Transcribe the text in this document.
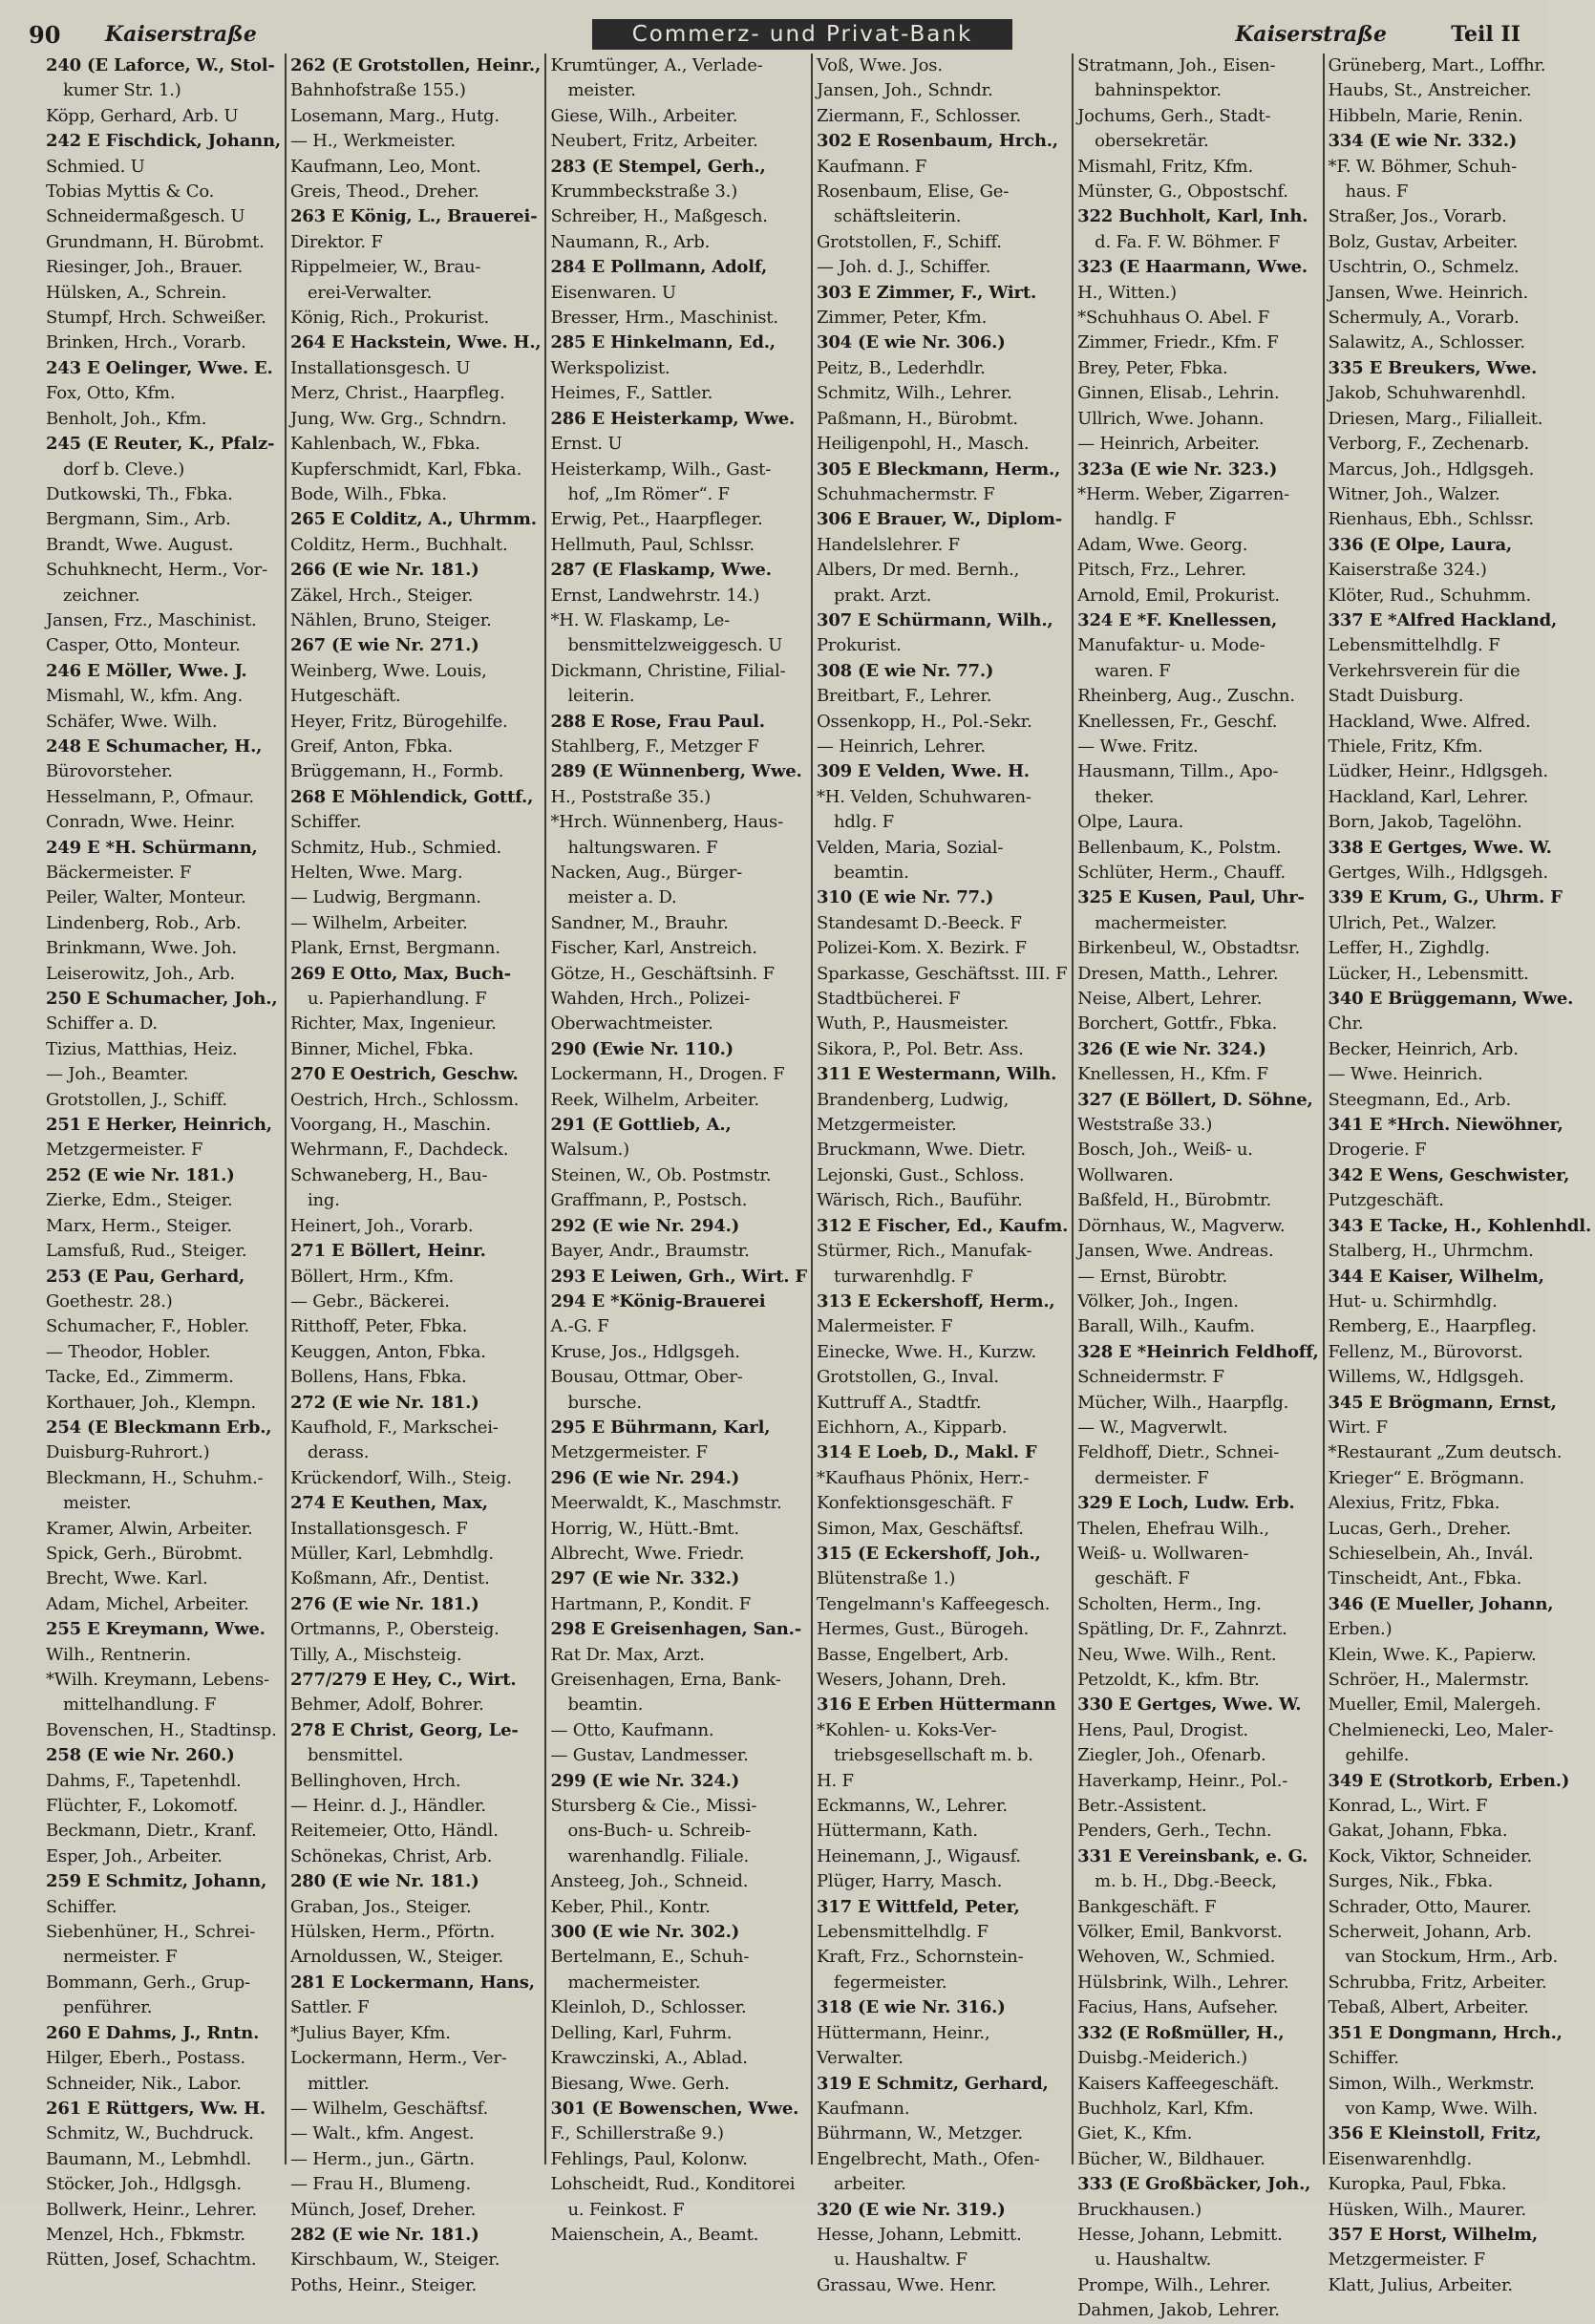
90	Kaiserstraße	Commerz- und Privat-Bank	Kaiserstraße	Teil II
240 (E Laforce, W., Stol-
kumer Str. 1.)
Köpp, Gerhard, Arb. U
242 E Fischdick, Johann,
Schmied. U
Tobias Myttis & Co.
Schneidermaßgesch. U
Grundmann, H. Bürobmt.
Riesinger, Joh., Brauer.
Hülsken, A., Schrein.
Stumpf, Hrch. Schweißer.
Brinken, Hrch., Vorarb.
243 E Oelinger, Wwe. E.
Fox, Otto, Kfm.
Benholt, Joh., Kfm.
245 (E Reuter, K., Pfalz-
dorf b. Cleve.)
Dutkowski, Th., Fbka.
Bergmann, Sim., Arb.
Brandt, Wwe. August.
Schuhknecht, Herm., Vor-
zeichner.
Jansen, Frz., Maschinist.
Casper, Otto, Monteur.
246 E Möller, Wwe. J.
Mismahl, W., kfm. Ang.
Schäfer, Wwe. Wilh.
248 E Schumacher, H.,
Bürovorsteher.
Hesselmann, P., Ofmaur.
Conradn, Wwe. Heinr.
249 E *H. Schürmann,
Bäckermeister. F
Peiler, Walter, Monteur.
Lindenberg, Rob., Arb.
Brinkmann, Wwe. Joh.
Leiserowitz, Joh., Arb.
250 E Schumacher, Joh.,
Schiffer a. D.
Tizius, Matthias, Heiz.
— Joh., Beamter.
Grotstollen, J., Schiff.
251 E Herker, Heinrich,
Metzgermeister. F
252 (E wie Nr. 181.)
Zierke, Edm., Steiger.
Marx, Herm., Steiger.
Lamsfuß, Rud., Steiger.
253 (E Pau, Gerhard,
Goethestr. 28.)
Schumacher, F., Hobler.
— Theodor, Hobler.
Tacke, Ed., Zimmerm.
Korthauer, Joh., Klempn.
254 (E Bleckmann Erb.,
Duisburg-Ruhrort.)
Bleckmann, H., Schuhm.-
meister.
Kramer, Alwin, Arbeiter.
Spick, Gerh., Bürobmt.
Brecht, Wwe. Karl.
Adam, Michel, Arbeiter.
255 E Kreymann, Wwe.
Wilh., Rentnerin.
*Wilh. Kreymann, Lebens-
mittelhandlung. F
Bovenschen, H., Stadtinsp.
258 (E wie Nr. 260.)
Dahms, F., Tapetenhdl.
Flüchter, F., Lokomotf.
Beckmann, Dietr., Kranf.
Esper, Joh., Arbeiter.
259 E Schmitz, Johann,
Schiffer.
Siebenhüner, H., Schrei-
nermeister. F
Bommann, Gerh., Grup-
penführer.
260 E Dahms, J., Rntn.
Hilger, Eberh., Postass.
Schneider, Nik., Labor.
261 E Rüttgers, Ww. H.
Schmitz, W., Buchdruck.
Baumann, M., Lebmhdl.
Stöcker, Joh., Hdlgsgh.
Bollwerk, Heinr., Lehrer.
Menzel, Hch., Fbkmstr.
Rütten, Josef, Schachtm.
262 (E Grotstollen, Heinr.,
Bahnhofstraße 155.)
Losemann, Marg., Hutg.
— H., Werkmeister.
Kaufmann, Leo, Mont.
Greis, Theod., Dreher.
263 E König, L., Brauerei-
Direktor. F
Rippelmeier, W., Brau-
erei-Verwalter.
König, Rich., Prokurist.
264 E Hackstein, Wwe. H.,
Installationsgesch. U
Merz, Christ., Haarpfleg.
Jung, Ww. Grg., Schndrn.
Kahlenbach, W., Fbka.
Kupferschmidt, Karl, Fbka.
Bode, Wilh., Fbka.
265 E Colditz, A., Uhrmm.
Colditz, Herm., Buchhalt.
266 (E wie Nr. 181.)
Zäkel, Hrch., Steiger.
Nählen, Bruno, Steiger.
267 (E wie Nr. 271.)
Weinberg, Wwe. Louis,
Hutgeschäft.
Heyer, Fritz, Bürogehilfe.
Greif, Anton, Fbka.
Brüggemann, H., Formb.
268 E Möhlendick, Gottf.,
Schiffer.
Schmitz, Hub., Schmied.
Helten, Wwe. Marg.
— Ludwig, Bergmann.
— Wilhelm, Arbeiter.
Plank, Ernst, Bergmann.
269 E Otto, Max, Buch-
u. Papierhandlung. F
Richter, Max, Ingenieur.
Binner, Michel, Fbka.
270 E Oestrich, Geschw.
Oestrich, Hrch., Schlossm.
Voorgang, H., Maschin.
Wehrmann, F., Dachdeck.
Schwaneberg, H., Bau-
ing.
Heinert, Joh., Vorarb.
271 E Böllert, Heinr.
Böllert, Hrm., Kfm.
— Gebr., Bäckerei.
Ritthoff, Peter, Fbka.
Keuggen, Anton, Fbka.
Bollens, Hans, Fbka.
272 (E wie Nr. 181.)
Kaufhold, F., Markschei-
derass.
Krückendorf, Wilh., Steig.
274 E Keuthen, Max,
Installationsgesch. F
Müller, Karl, Lebmhdlg.
Koßmann, Afr., Dentist.
276 (E wie Nr. 181.)
Ortmanns, P., Obersteig.
Tilly, A., Mischsteig.
277/279 E Hey, C., Wirt.
Behmer, Adolf, Bohrer.
278 E Christ, Georg, Le-
bensmittel.
Bellinghoven, Hrch.
— Heinr. d. J., Händler.
Reitemeier, Otto, Händl.
Schönekas, Christ, Arb.
280 (E wie Nr. 181.)
Graban, Jos., Steiger.
Hülsken, Herm., Pförtn.
Arnoldussen, W., Steiger.
281 E Lockermann, Hans,
Sattler. F
*Julius Bayer, Kfm.
Lockermann, Herm., Ver-
mittler.
— Wilhelm, Geschäftsf.
— Walt., kfm. Angest.
— Herm., jun., Gärtn.
— Frau H., Blumeng.
Münch, Josef, Dreher.
282 (E wie Nr. 181.)
Kirschbaum, W., Steiger.
Poths, Heinr., Steiger.
Krumtünger, A., Verlade-
meister.
Giese, Wilh., Arbeiter.
Neubert, Fritz, Arbeiter.
283 (E Stempel, Gerh.,
Krummbeckstraße 3.)
Schreiber, H., Maßgesch.
Naumann, R., Arb.
284 E Pollmann, Adolf,
Eisenwaren. U
Bresser, Hrm., Maschinist.
285 E Hinkelmann, Ed.,
Werkspolizist.
Heimes, F., Sattler.
286 E Heisterkamp, Wwe.
Ernst. U
Heisterkamp, Wilh., Gast-
hof, „Im Römer“. F
Erwig, Pet., Haarpfleger.
Hellmuth, Paul, Schlssr.
287 (E Flaskamp, Wwe.
Ernst, Landwehrstr. 14.)
*H. W. Flaskamp, Le-
bensmittelzweiggesch. U
Dickmann, Christine, Filial-
leiterin.
288 E Rose, Frau Paul.
Stahlberg, F., Metzger F
289 (E Wünnenberg, Wwe.
H., Poststraße 35.)
*Hrch. Wünnenberg, Haus-
haltungswaren. F
Nacken, Aug., Bürger-
meister a. D.
Sandner, M., Brauhr.
Fischer, Karl, Anstreich.
Götze, H., Geschäftsinh. F
Wahden, Hrch., Polizei-
Oberwachtmeister.
290 (Ewie Nr. 110.)
Lockermann, H., Drogen. F
Reek, Wilhelm, Arbeiter.
291 (E Gottlieb, A.,
Walsum.)
Steinen, W., Ob. Postmstr.
Graffmann, P., Postsch.
292 (E wie Nr. 294.)
Bayer, Andr., Braumstr.
293 E Leiwen, Grh., Wirt. F
294 E *König-Brauerei
A.-G. F
Kruse, Jos., Hdlgsgeh.
Bousau, Ottmar, Ober-
bursche.
295 E Bührmann, Karl,
Metzgermeister. F
296 (E wie Nr. 294.)
Meerwaldt, K., Maschmstr.
Horrig, W., Hütt.-Bmt.
Albrecht, Wwe. Friedr.
297 (E wie Nr. 332.)
Hartmann, P., Kondit. F
298 E Greisenhagen, San.-
Rat Dr. Max, Arzt.
Greisenhagen, Erna, Bank-
beamtin.
— Otto, Kaufmann.
— Gustav, Landmesser.
299 (E wie Nr. 324.)
Stursberg & Cie., Missi-
ons-Buch- u. Schreib-
warenhandlg. Filiale.
Ansteeg, Joh., Schneid.
Keber, Phil., Kontr.
300 (E wie Nr. 302.)
Bertelmann, E., Schuh-
machermeister.
Kleinloh, D., Schlosser.
Delling, Karl, Fuhrm.
Krawczinski, A., Ablad.
Biesang, Wwe. Gerh.
301 (E Bowenschen, Wwe.
F., Schillerstraße 9.)
Fehlings, Paul, Kolonw.
Lohscheidt, Rud., Konditorei
u. Feinkost. F
Maienschein, A., Beamt.
Voß, Wwe. Jos.
Jansen, Joh., Schndr.
Ziermann, F., Schlosser.
302 E Rosenbaum, Hrch.,
Kaufmann. F
Rosenbaum, Elise, Ge-
schäftsleiterin.
Grotstollen, F., Schiff.
— Joh. d. J., Schiffer.
303 E Zimmer, F., Wirt.
Zimmer, Peter, Kfm.
304 (E wie Nr. 306.)
Peitz, B., Lederhdlr.
Schmitz, Wilh., Lehrer.
Paßmann, H., Bürobmt.
Heiligenpohl, H., Masch.
305 E Bleckmann, Herm.,
Schuhmachermstr. F
306 E Brauer, W., Diplom-
Handelslehrer. F
Albers, Dr med. Bernh.,
prakt. Arzt.
307 E Schürmann, Wilh.,
Prokurist.
308 (E wie Nr. 77.)
Breitbart, F., Lehrer.
Ossenkopp, H., Pol.-Sekr.
— Heinrich, Lehrer.
309 E Velden, Wwe. H.
*H. Velden, Schuhwaren-
hdlg. F
Velden, Maria, Sozial-
beamtin.
310 (E wie Nr. 77.)
Standesamt D.-Beeck. F
Polizei-Kom. X. Bezirk. F
Sparkasse, Geschäftsst. III. F
Stadtbücherei. F
Wuth, P., Hausmeister.
Sikora, P., Pol. Betr. Ass.
311 E Westermann, Wilh.
Brandenberg, Ludwig,
Metzgermeister.
Bruckmann, Wwe. Dietr.
Lejonski, Gust., Schloss.
Wärisch, Rich., Bauführ.
312 E Fischer, Ed., Kaufm.
Stürmer, Rich., Manufak-
turwarenhdlg. F
313 E Eckershoff, Herm.,
Malermeister. F
Einecke, Wwe. H., Kurzw.
Grotstollen, G., Inval.
Kuttruff A., Stadtfr.
Eichhorn, A., Kipparb.
314 E Loeb, D., Makl. F
*Kaufhaus Phönix, Herr.-
Konfektionsgeschäft. F
Simon, Max, Geschäftsf.
315 (E Eckershoff, Joh.,
Blütenstraße 1.)
Tengelmann's Kaffeegesch.
Hermes, Gust., Bürogeh.
Basse, Engelbert, Arb.
Wesers, Johann, Dreh.
316 E Erben Hüttermann
*Kohlen- u. Koks-Ver-
triebsgesellschaft m. b.
H. F
Eckmanns, W., Lehrer.
Hüttermann, Kath.
Heinemann, J., Wigausf.
Plüger, Harry, Masch.
317 E Wittfeld, Peter,
Lebensmittelhdlg. F
Kraft, Frz., Schornstein-
fegermeister.
318 (E wie Nr. 316.)
Hüttermann, Heinr.,
Verwalter.
319 E Schmitz, Gerhard,
Kaufmann.
Bührmann, W., Metzger.
Engelbrecht, Math., Ofen-
arbeiter.
320 (E wie Nr. 319.)
Hesse, Johann, Lebmitt.
u. Haushaltw. F
Grassau, Wwe. Henr.
Stratmann, Joh., Eisen-
bahninspektor.
Jochums, Gerh., Stadt-
obersekretär.
Mismahl, Fritz, Kfm.
Münster, G., Obpostschf.
322 Buchholt, Karl, Inh.
d. Fa. F. W. Böhmer. F
323 (E Haarmann, Wwe.
H., Witten.)
*Schuhhaus O. Abel. F
Zimmer, Friedr., Kfm. F
Brey, Peter, Fbka.
Ginnen, Elisab., Lehrin.
Ullrich, Wwe. Johann.
— Heinrich, Arbeiter.
323a (E wie Nr. 323.)
*Herm. Weber, Zigarren-
handlg. F
Adam, Wwe. Georg.
Pitsch, Frz., Lehrer.
Arnold, Emil, Prokurist.
324 E *F. Knellessen,
Manufaktur- u. Mode-
waren. F
Rheinberg, Aug., Zuschn.
Knellessen, Fr., Geschf.
— Wwe. Fritz.
Hausmann, Tillm., Apo-
theker.
Olpe, Laura.
Bellenbaum, K., Polstm.
Schlüter, Herm., Chauff.
325 E Kusen, Paul, Uhr-
machermeister.
Birkenbeul, W., Obstadtsr.
Dresen, Matth., Lehrer.
Neise, Albert, Lehrer.
Borchert, Gottfr., Fbka.
326 (E wie Nr. 324.)
Knellessen, H., Kfm. F
327 (E Böllert, D. Söhne,
Weststraße 33.)
Bosch, Joh., Weiß- u.
Wollwaren.
Baßfeld, H., Bürobmtr.
Dörnhaus, W., Magverw.
Jansen, Wwe. Andreas.
— Ernst, Bürobtr.
Völker, Joh., Ingen.
Barall, Wilh., Kaufm.
328 E *Heinrich Feldhoff,
Schneidermstr. F
Mücher, Wilh., Haarpflg.
— W., Magverwlt.
Feldhoff, Dietr., Schnei-
dermeister. F
329 E Loch, Ludw. Erb.
Thelen, Ehefrau Wilh.,
Weiß- u. Wollwaren-
geschäft. F
Scholten, Herm., Ing.
Spätling, Dr. F., Zahnrzt.
Neu, Wwe. Wilh., Rent.
Petzoldt, K., kfm. Btr.
330 E Gertges, Wwe. W.
Hens, Paul, Drogist.
Ziegler, Joh., Ofenarb.
Haverkamp, Heinr., Pol.-
Betr.-Assistent.
Penders, Gerh., Techn.
331 E Vereinsbank, e. G.
m. b. H., Dbg.-Beeck,
Bankgeschäft. F
Völker, Emil, Bankvorst.
Wehoven, W., Schmied.
Hülsbrink, Wilh., Lehrer.
Facius, Hans, Aufseher.
332 (E Roßmüller, H.,
Duisbg.-Meiderich.)
Kaisers Kaffeegeschäft.
Buchholz, Karl, Kfm.
Giet, K., Kfm.
Bücher, W., Bildhauer.
333 (E Großbäcker, Joh.,
Bruckhausen.)
Hesse, Johann, Lebmitt.
u. Haushaltw.
Prompe, Wilh., Lehrer.
Dahmen, Jakob, Lehrer.
Grüneberg, Mart., Loffhr.
Haubs, St., Anstreicher.
Hibbeln, Marie, Renin.
334 (E wie Nr. 332.)
*F. W. Böhmer, Schuh-
haus. F
Straßer, Jos., Vorarb.
Bolz, Gustav, Arbeiter.
Uschtrin, O., Schmelz.
Jansen, Wwe. Heinrich.
Schermuly, A., Vorarb.
Salawitz, A., Schlosser.
335 E Breukers, Wwe.
Jakob, Schuhwarenhdl.
Driesen, Marg., Filialleit.
Verborg, F., Zechenarb.
Marcus, Joh., Hdlgsgeh.
Witner, Joh., Walzer.
Rienhaus, Ebh., Schlssr.
336 (E Olpe, Laura,
Kaiserstraße 324.)
Klöter, Rud., Schuhmm.
337 E *Alfred Hackland,
Lebensmittelhdlg. F
Verkehrsverein für die
Stadt Duisburg.
Hackland, Wwe. Alfred.
Thiele, Fritz, Kfm.
Lüdker, Heinr., Hdlgsgeh.
Hackland, Karl, Lehrer.
Born, Jakob, Tagelöhn.
338 E Gertges, Wwe. W.
Gertges, Wilh., Hdlgsgeh.
339 E Krum, G., Uhrm. F
Ulrich, Pet., Walzer.
Leffer, H., Zighdlg.
Lücker, H., Lebensmitt.
340 E Brüggemann, Wwe.
Chr.
Becker, Heinrich, Arb.
— Wwe. Heinrich.
Steegmann, Ed., Arb.
341 E *Hrch. Niewöhner,
Drogerie. F
342 E Wens, Geschwister,
Putzgeschäft.
343 E Tacke, H., Kohlenhdl.
Stalberg, H., Uhrmchm.
344 E Kaiser, Wilhelm,
Hut- u. Schirmhdlg.
Remberg, E., Haarpfleg.
Fellenz, M., Bürovorst.
Willems, W., Hdlgsgeh.
345 E Brögmann, Ernst,
Wirt. F
*Restaurant „Zum deutsch.
Krieger“ E. Brögmann.
Alexius, Fritz, Fbka.
Lucas, Gerh., Dreher.
Schieselbein, Ah., Invál.
Tinscheidt, Ant., Fbka.
346 (E Mueller, Johann,
Erben.)
Klein, Wwe. K., Papierw.
Schröer, H., Malermstr.
Mueller, Emil, Malergeh.
Chelmienecki, Leo, Maler-
gehilfe.
349 E (Strotkorb, Erben.)
Konrad, L., Wirt. F
Gakat, Johann, Fbka.
Kock, Viktor, Schneider.
Surges, Nik., Fbka.
Schrader, Otto, Maurer.
Scherweit, Johann, Arb.
van Stockum, Hrm., Arb.
Schrubba, Fritz, Arbeiter.
Tebaß, Albert, Arbeiter.
351 E Dongmann, Hrch.,
Schiffer.
Simon, Wilh., Werkmstr.
von Kamp, Wwe. Wilh.
356 E Kleinstoll, Fritz,
Eisenwarenhdlg.
Kuropka, Paul, Fbka.
Hüsken, Wilh., Maurer.
357 E Horst, Wilhelm,
Metzgermeister. F
Klatt, Julius, Arbeiter.
